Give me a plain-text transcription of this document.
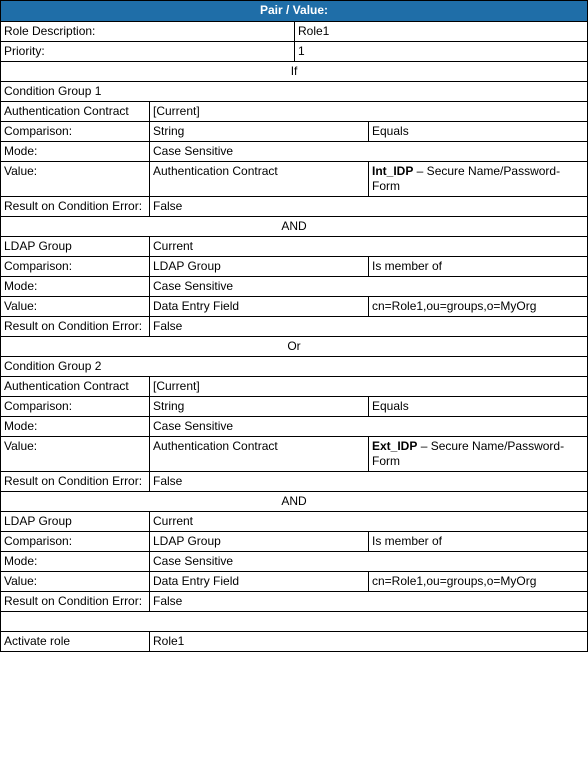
Pair / Value:			
Role Description:		Role1	
Priority:		1	
If			
Condition Group 1			
Authentication Contract	[Current]		
Comparison:	String		Equals
Mode:	Case Sensitive		
Value:	Authentication Contract		Int_IDP – Secure Name/Password-Form
Result on Condition Error:	False		
AND			
LDAP Group	Current		
Comparison:	LDAP Group		Is member of
Mode:	Case Sensitive		
Value:	Data Entry Field		cn=Role1,ou=groups,o=MyOrg
Result on Condition Error:	False		
Or			
Condition Group 2			
Authentication Contract	[Current]		
Comparison:	String		Equals
Mode:	Case Sensitive		
Value:	Authentication Contract		Ext_IDP – Secure Name/Password-Form
Result on Condition Error:	False		
AND			
LDAP Group	Current		
Comparison:	LDAP Group		Is member of
Mode:	Case Sensitive		
Value:	Data Entry Field		cn=Role1,ou=groups,o=MyOrg
Result on Condition Error:	False		

Activate role	Role1		
